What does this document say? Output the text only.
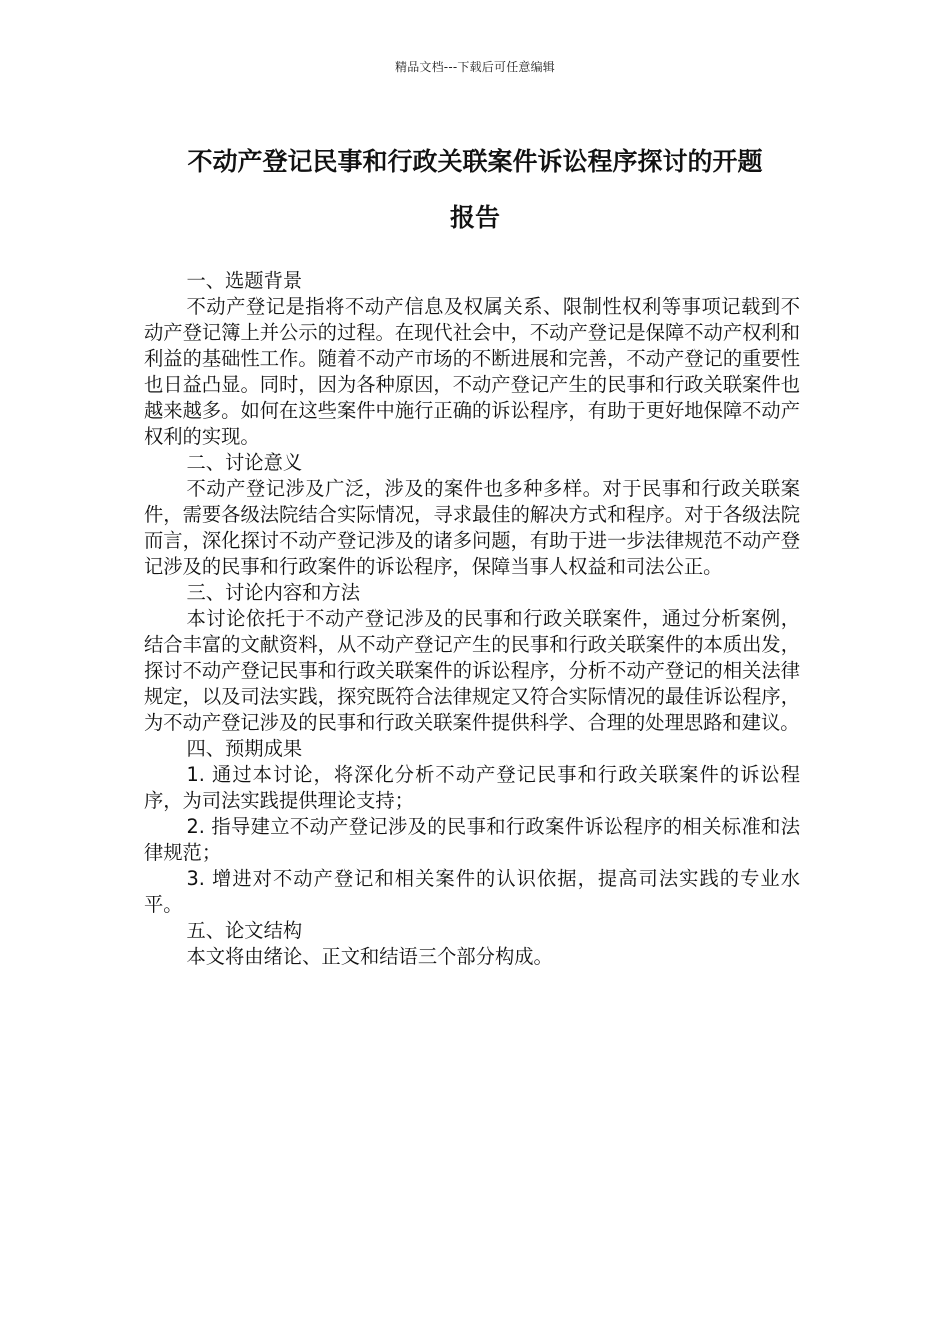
精品文档---下载后可任意编辑
不动产登记民事和行政关联案件诉讼程序探讨的开题
报告

一、选题背景

不动产登记是指将不动产信息及权属关系、限制性权利等事项记载到不动产登记簿上并公示的过程。在现代社会中，不动产登记是保障不动产权利和利益的基础性工作。随着不动产市场的不断进展和完善，不动产登记的重要性也日益凸显。同时，因为各种原因，不动产登记产生的民事和行政关联案件也越来越多。如何在这些案件中施行正确的诉讼程序，有助于更好地保障不动产权利的实现。

二、讨论意义

不动产登记涉及广泛，涉及的案件也多种多样。对于民事和行政关联案件，需要各级法院结合实际情况，寻求最佳的解决方式和程序。对于各级法院而言，深化探讨不动产登记涉及的诸多问题，有助于进一步法律规范不动产登记涉及的民事和行政案件的诉讼程序，保障当事人权益和司法公正。

三、讨论内容和方法

本讨论依托于不动产登记涉及的民事和行政关联案件，通过分析案例，结合丰富的文献资料，从不动产登记产生的民事和行政关联案件的本质出发，探讨不动产登记民事和行政关联案件的诉讼程序，分析不动产登记的相关法律规定，以及司法实践，探究既符合法律规定又符合实际情况的最佳诉讼程序，为不动产登记涉及的民事和行政关联案件提供科学、合理的处理思路和建议。

四、预期成果

1. 通过本讨论，将深化分析不动产登记民事和行政关联案件的诉讼程序，为司法实践提供理论支持；

2. 指导建立不动产登记涉及的民事和行政案件诉讼程序的相关标准和法律规范；

3. 增进对不动产登记和相关案件的认识依据，提高司法实践的专业水平。

五、论文结构

本文将由绪论、正文和结语三个部分构成。
